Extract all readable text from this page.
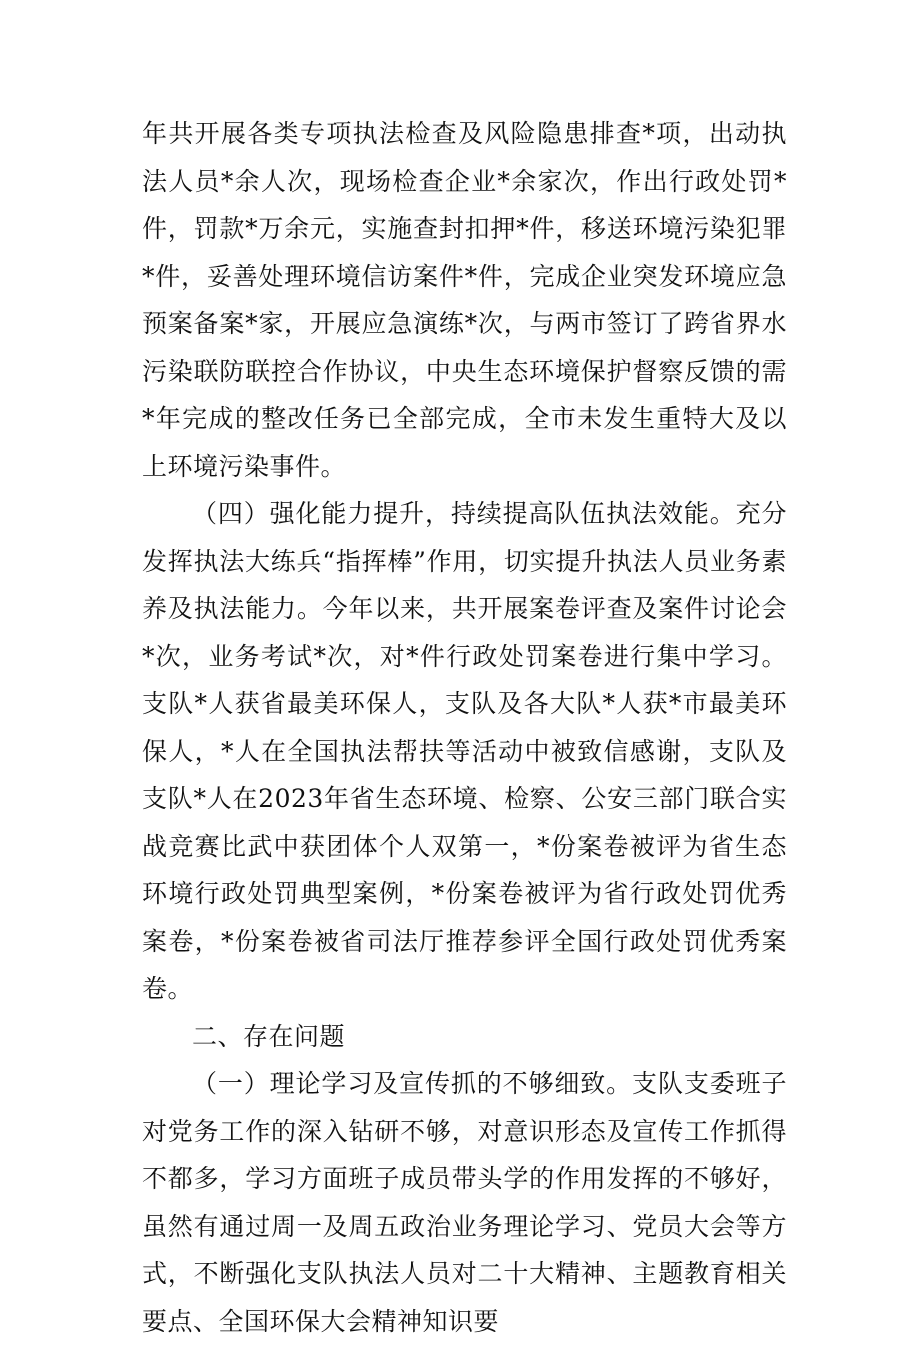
年共开展各类专项执法检查及风险隐患排查*项，出动执法人员*余人次，现场检查企业*余家次，作出行政处罚*件，罚款*万余元，实施查封扣押*件，移送环境污染犯罪*件，妥善处理环境信访案件*件，完成企业突发环境应急预案备案*家，开展应急演练*次，与两市签订了跨省界水污染联防联控合作协议，中央生态环境保护督察反馈的需*年完成的整改任务已全部完成，全市未发生重特大及以上环境污染事件。

（四）强化能力提升，持续提高队伍执法效能。充分发挥执法大练兵“指挥棒”作用，切实提升执法人员业务素养及执法能力。今年以来，共开展案卷评查及案件讨论会*次，业务考试*次，对*件行政处罚案卷进行集中学习。支队*人获省最美环保人，支队及各大队*人获*市最美环保人，*人在全国执法帮扶等活动中被致信感谢，支队及支队*人在2023年省生态环境、检察、公安三部门联合实战竞赛比武中获团体个人双第一，*份案卷被评为省生态环境行政处罚典型案例，*份案卷被评为省行政处罚优秀案卷，*份案卷被省司法厅推荐参评全国行政处罚优秀案卷。

二、存在问题

（一）理论学习及宣传抓的不够细致。支队支委班子对党务工作的深入钻研不够，对意识形态及宣传工作抓得不都多，学习方面班子成员带头学的作用发挥的不够好，虽然有通过周一及周五政治业务理论学习、党员大会等方式，不断强化支队执法人员对二十大精神、主题教育相关要点、全国环保大会精神知识要
